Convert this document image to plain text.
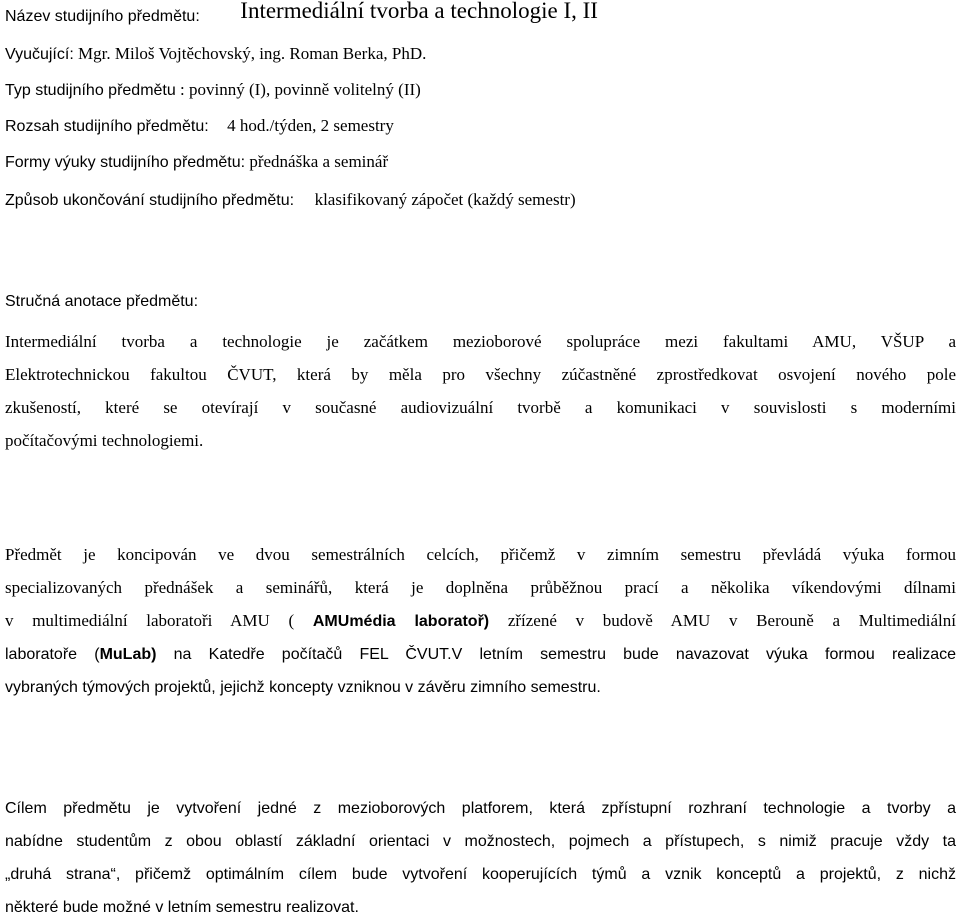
Název studijního předmětu: Intermediální tvorba a technologie I, II
Vyučující: Mgr. Miloš Vojtěchovský, ing. Roman Berka, PhD.
Typ studijního předmětu : povinný (I), povinně volitelný (II)
Rozsah studijního předmětu: 4 hod./týden, 2 semestry
Formy výuky studijního předmětu: přednáška a seminář
Způsob ukončování studijního předmětu: klasifikovaný zápočet (každý semestr)
Stručná anotace předmětu:
Intermediální tvorba a technologie je začátkem mezioborové spolupráce mezi fakultami AMU, VŠUP a
Elektrotechnickou fakultou ČVUT, která by měla pro všechny zúčastněné zprostředkovat osvojení nového pole
zkušeností, které se otevírají v současné audiovizuální tvorbě a komunikaci v souvislosti s moderními
počítačovými technologiemi.
Předmět je koncipován ve dvou semestrálních celcích, přičemž v zimním semestru převládá výuka formou
specializovaných přednášek a seminářů, která je doplněna průběžnou prací a několika víkendovými dílnami
v multimediální laboratoři AMU ( AMUmédia laboratoř) zřízené v budově AMU v Berouně a Multimediální
laboratoře (MuLab) na Katedře počítačů FEL ČVUT.V letním semestru bude navazovat výuka formou realizace
vybraných týmových projektů, jejichž koncepty vzniknou v závěru zimního semestru.
Cílem předmětu je vytvoření jedné z mezioborových platforem, která zpřístupní rozhraní technologie a tvorby a
nabídne studentům z obou oblastí základní orientaci v možnostech, pojmech a přístupech, s nimiž pracuje vždy ta
„druhá strana“, přičemž optimálním cílem bude vytvoření kooperujících týmů a vznik konceptů a projektů, z nichž
některé bude možné v letním semestru realizovat.
